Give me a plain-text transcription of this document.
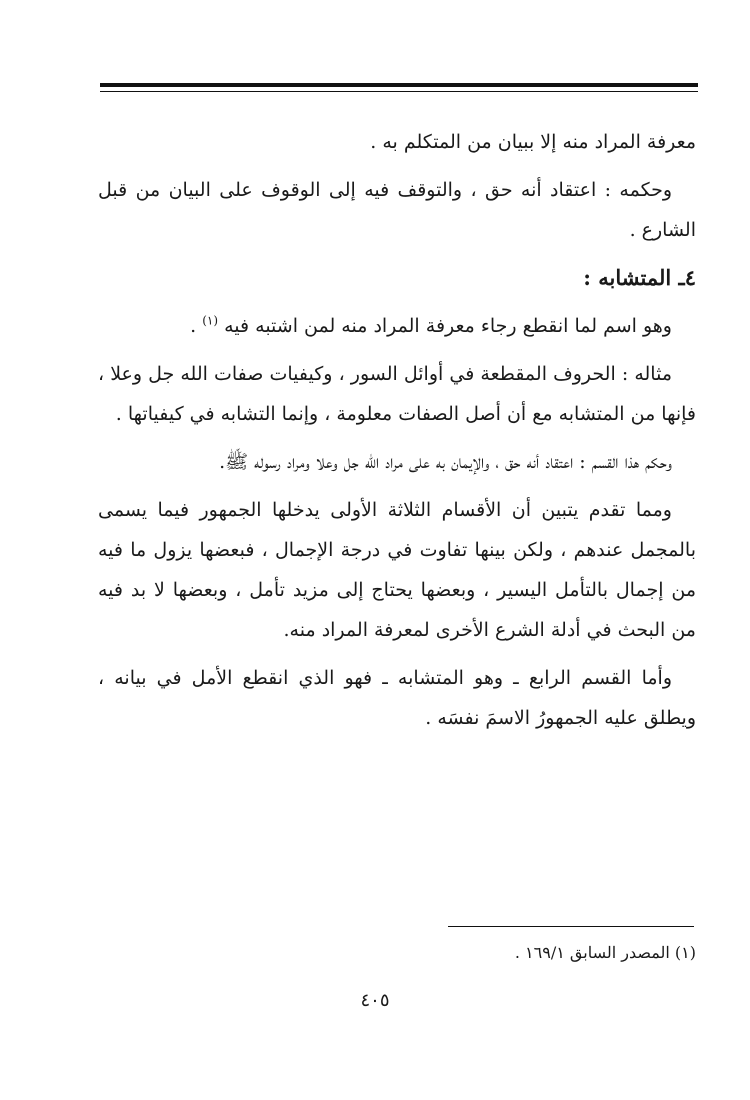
معرفة المراد منه إلا ببيان من المتكلم به .

وحكمه : اعتقاد أنه حق ، والتوقف فيه إلى الوقوف على البيان من قبل الشارع .

٤ـ المتشابه :

وهو اسم لما انقطع رجاء معرفة المراد منه لمن اشتبه فيه $^{(١)}$ .

مثاله : الحروف المقطعة في أوائل السور ، وكيفيات صفات الله جل وعلا ، فإنها من المتشابه مع أن أصل الصفات معلومة ، وإنما التشابه في كيفياتها .

وحكم هذا القسم : اعتقاد أنه حق ، والإيمان به على مراد الله جل وعلا ومراد رسوله ﷺ.

ومما تقدم يتبين أن الأقسام الثلاثة الأولى يدخلها الجمهور فيما يسمى بالمجمل عندهم ، ولكن بينها تفاوت في درجة الإجمال ، فبعضها يزول ما فيه من إجمال بالتأمل اليسير ، وبعضها يحتاج إلى مزيد تأمل ، وبعضها لا بد فيه من البحث في أدلة الشرع الأخرى لمعرفة المراد منه.

وأما القسم الرابع ـ وهو المتشابه ـ فهو الذي انقطع الأمل في بيانه ، ويطلق عليه الجمهورُ الاسمَ نفسَه .

(١) المصدر السابق ١٦٩/١ .
٤٠٥
